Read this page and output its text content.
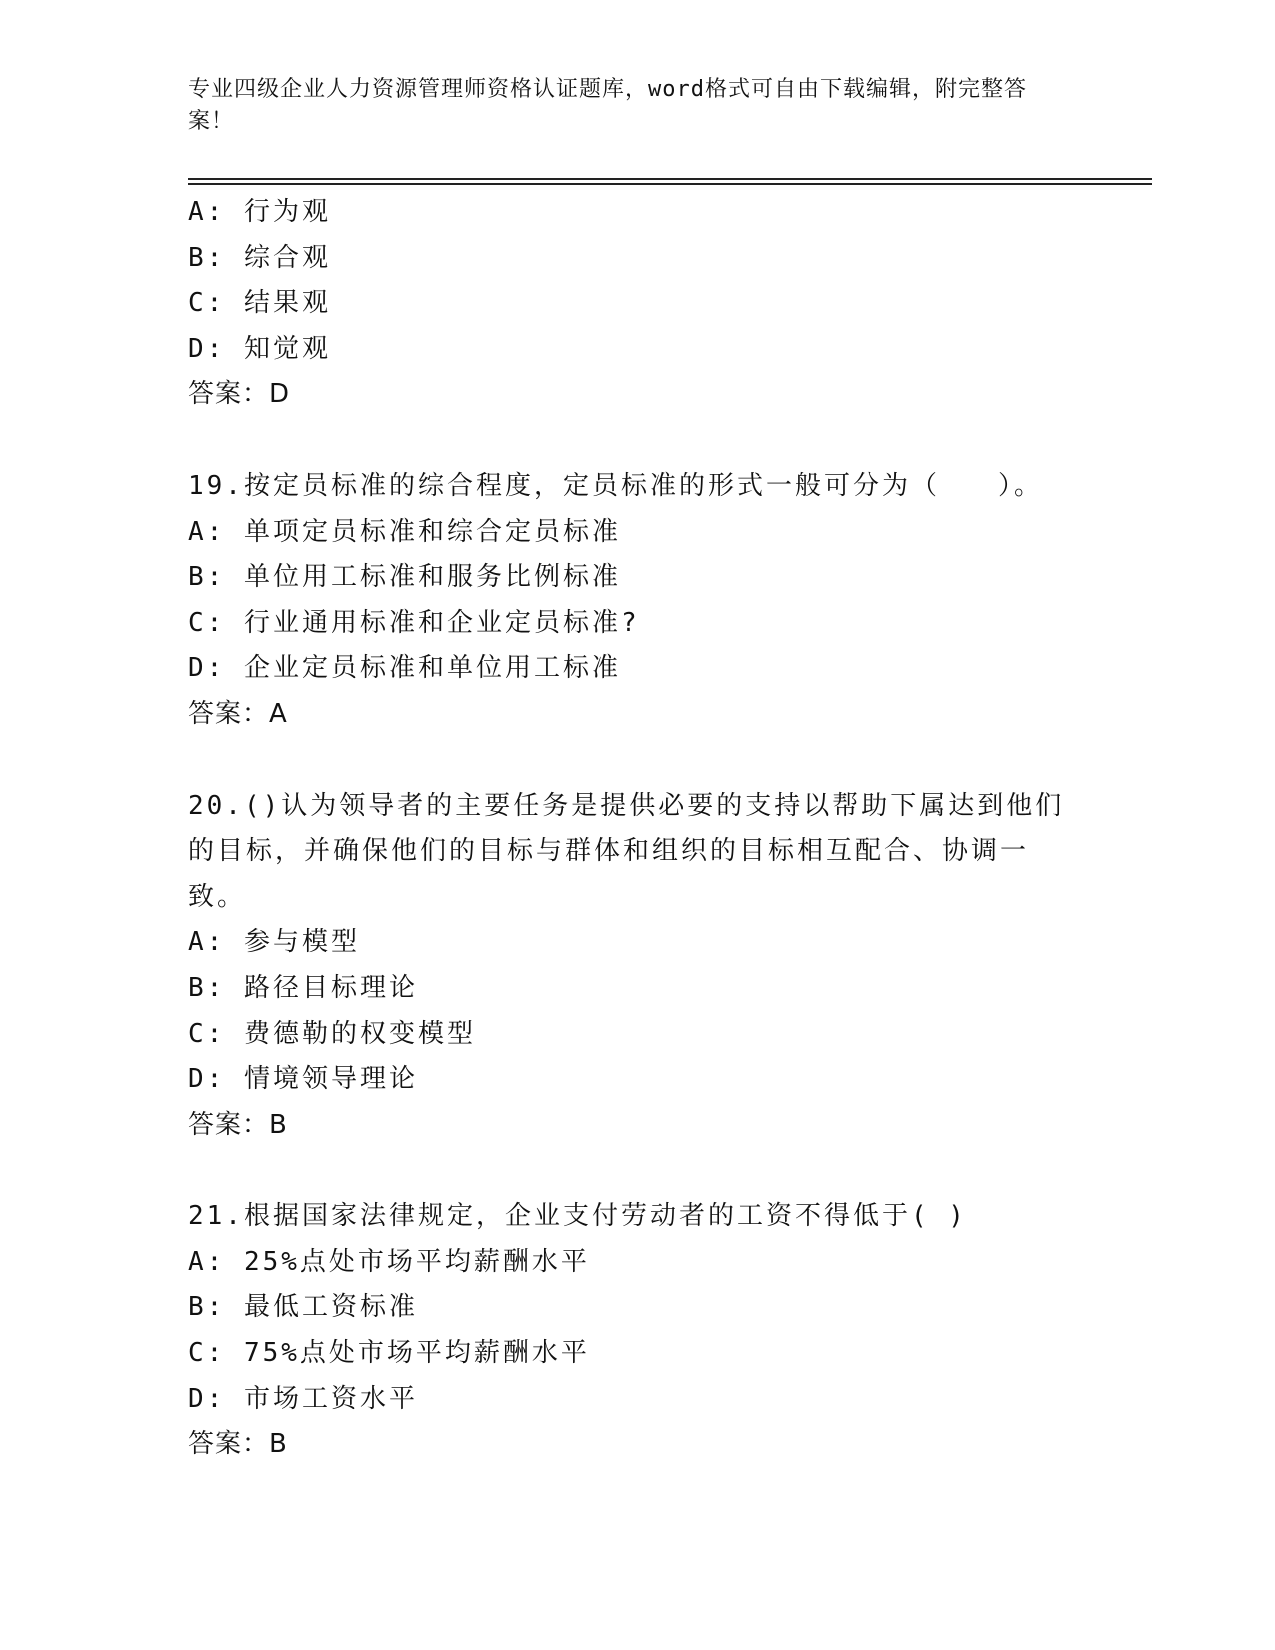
专业四级企业人力资源管理师资格认证题库，word格式可自由下载编辑，附完整答案！
A: 行为观
B: 综合观
C: 结果观
D: 知觉观
答案：D
19.按定员标准的综合程度，定员标准的形式一般可分为（　　）。
A: 单项定员标准和综合定员标准
B: 单位用工标准和服务比例标准
C: 行业通用标准和企业定员标准?
D: 企业定员标准和单位用工标准
答案：A
20.()认为领导者的主要任务是提供必要的支持以帮助下属达到他们的目标，并确保他们的目标与群体和组织的目标相互配合、协调一致。
A: 参与模型
B: 路径目标理论
C: 费德勒的权变模型
D: 情境领导理论
答案：B
21.根据国家法律规定，企业支付劳动者的工资不得低于( )
A: 25%点处市场平均薪酬水平
B: 最低工资标准
C: 75%点处市场平均薪酬水平
D: 市场工资水平
答案：B
